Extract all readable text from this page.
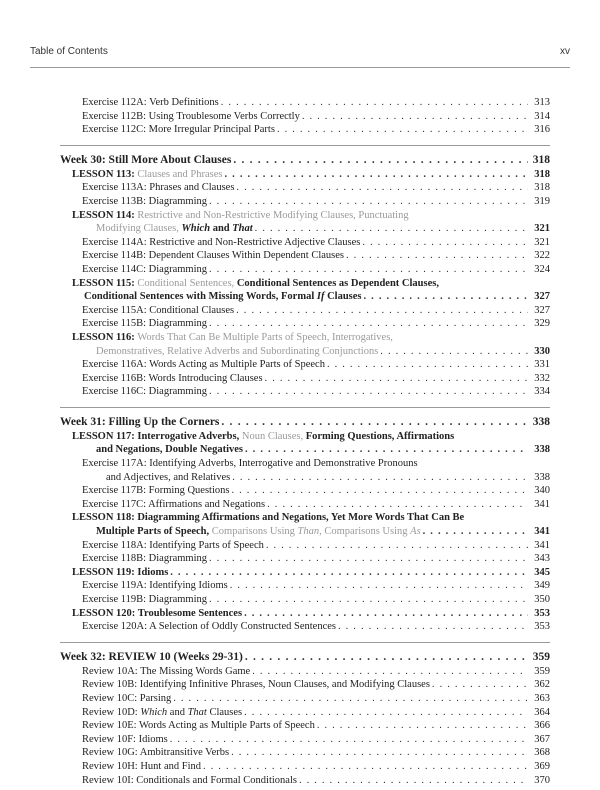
Table of Contents	xv
Exercise 112A: Verb Definitions . . .	313
Exercise 112B: Using Troublesome Verbs Correctly . . .	314
Exercise 112C: More Irregular Principal Parts . . .	316
Week 30: Still More About Clauses . . .	318
LESSON 113: Clauses and Phrases . . .	318
Exercise 113A: Phrases and Clauses . . .	318
Exercise 113B: Diagramming . . .	319
LESSON 114: Restrictive and Non-Restrictive Modifying Clauses, Punctuating
Modifying Clauses, Which and That . . .	321
Exercise 114A: Restrictive and Non-Restrictive Adjective Clauses . . .	321
Exercise 114B: Dependent Clauses Within Dependent Clauses . . .	322
Exercise 114C: Diagramming . . .	324
LESSON 115: Conditional Sentences, Conditional Sentences as Dependent Clauses,
Conditional Sentences with Missing Words, Formal If Clauses . . .	327
Exercise 115A: Conditional Clauses . . .	327
Exercise 115B: Diagramming . . .	329
LESSON 116: Words That Can Be Multiple Parts of Speech, Interrogatives,
Demonstratives, Relative Adverbs and Subordinating Conjunctions . . .	330
Exercise 116A: Words Acting as Multiple Parts of Speech . . .	331
Exercise 116B: Words Introducing Clauses . . .	332
Exercise 116C: Diagramming . . .	334
Week 31: Filling Up the Corners . . .	338
LESSON 117: Interrogative Adverbs, Noun Clauses, Forming Questions, Affirmations
and Negations, Double Negatives . . .	338
Exercise 117A: Identifying Adverbs, Interrogative and Demonstrative Pronouns
and Adjectives, and Relatives . . .	338
Exercise 117B: Forming Questions . . .	340
Exercise 117C: Affirmations and Negations . . .	341
LESSON 118: Diagramming Affirmations and Negations, Yet More Words That Can Be
Multiple Parts of Speech, Comparisons Using Than, Comparisons Using As . . .	341
Exercise 118A: Identifying Parts of Speech . . .	341
Exercise 118B: Diagramming . . .	343
LESSON 119: Idioms . . .	345
Exercise 119A: Identifying Idioms . . .	349
Exercise 119B: Diagramming . . .	350
LESSON 120: Troublesome Sentences . . .	353
Exercise 120A: A Selection of Oddly Constructed Sentences . . .	353
Week 32: REVIEW 10 (Weeks 29-31) . . .	359
Review 10A: The Missing Words Game . . .	359
Review 10B: Identifying Infinitive Phrases, Noun Clauses, and Modifying Clauses . . .	362
Review 10C: Parsing . . .	363
Review 10D: Which and That Clauses . . .	364
Review 10E: Words Acting as Multiple Parts of Speech . . .	366
Review 10F: Idioms . . .	367
Review 10G: Ambitransitive Verbs . . .	368
Review 10H: Hunt and Find . . .	369
Review 10I: Conditionals and Formal Conditionals . . .	370
